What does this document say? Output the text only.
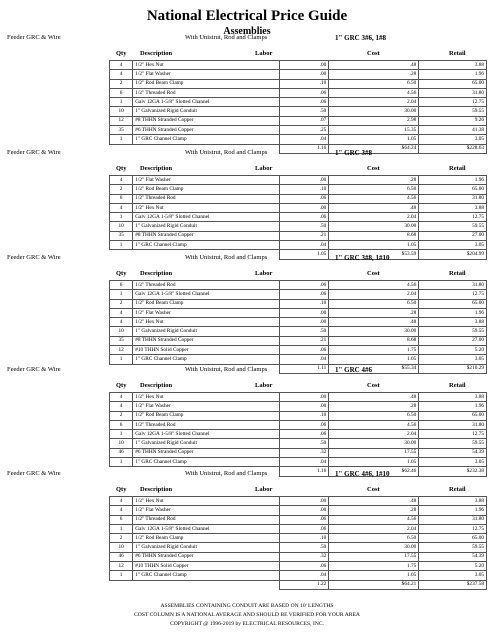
National Electrical Price Guide
Assemblies
Feeder GRC & Wire	With Unistrut, Rod and Clamps	1" GRC 3#6, 1#8
Qty Description	Labor	Cost	Retail
4	1/2" Hex Nut	.00	.48	3.88
4	1/2" Flat Washer	.00	.28	1.96
2	1/2" Rod Beam Clamp	.10	6.50	65.00
6	1/2" Threaded Rod	.06	4.56	31.80
1	Galv 12GA 1-5/8" Slotted Channel	.06	2.04	12.75
10	1" Galvanized Rigid Conduit	.50	30.00	59.55
12	#8 THHN Stranded Copper	.07	2.98	9.26
35	#6 THHN Stranded Copper	.25	15.35	41.38
1	1" GRC Channel Clamp	.04	1.05	3.05
		1.16	$64.24	$228.63
Feeder GRC & Wire	With Unistrut, Rod and Clamps	1" GRC 3#8
Qty Description	Labor	Cost	Retail
4	1/2" Flat Washer	.00	.28	1.96
2	1/2" Rod Beam Clamp	.10	6.50	65.00
6	1/2" Threaded Rod	.06	4.56	31.80
4	1/2" Hex Nut	.00	.48	3.88
1	Galv 12GA 1-5/8" Slotted Channel	.06	2.04	12.75
10	1" Galvanized Rigid Conduit	.50	30.00	59.55
35	#8 THHN Stranded Copper	.21	8.68	27.00
1	1" GRC Channel Clamp	.04	1.05	3.05
		1.05	$53.59	$204.99
Feeder GRC & Wire	With Unistrut, Rod and Clamps	1" GRC 3#8, 1#10
Qty Description	Labor	Cost	Retail
6	1/2" Threaded Rod	.06	4.56	31.80
1	Galv 12GA 1-5/8" Slotted Channel	.06	2.04	12.75
2	1/2" Rod Beam Clamp	.10	6.50	65.00
4	1/2" Flat Washer	.00	.28	1.96
4	1/2" Hex Nut	.00	.48	3.88
10	1" Galvanized Rigid Conduit	.50	30.00	59.55
35	#8 THHN Stranded Copper	.21	8.68	27.00
12	#10 THHN Solid Copper	.06	1.75	5.20
1	1" GRC Channel Clamp	.04	1.05	3.05
		1.11	$55.34	$210.29
Feeder GRC & Wire	With Unistrut, Rod and Clamps	1" GRC 4#6
Qty Description	Labor	Cost	Retail
4	1/2" Hex Nut	.00	.48	3.88
4	1/2" Flat Washer	.00	.28	1.96
2	1/2" Rod Beam Clamp	.10	6.50	65.00
6	1/2" Threaded Rod	.06	4.56	31.80
1	Galv 12GA 1-5/8" Slotted Channel	.06	2.04	12.75
10	1" Galvanized Rigid Conduit	.50	30.00	59.55
46	#6 THHN Stranded Copper	.32	17.55	54.39
1	1" GRC Channel Clamp	.04	1.05	3.05
		1.16	$62.46	$232.38
Feeder GRC & Wire	With Unistrut, Rod and Clamps	1" GRC 4#6, 1#10
Qty Description	Labor	Cost	Retail
4	1/2" Hex Nut	.00	.48	3.88
4	1/2" Flat Washer	.00	.28	1.96
6	1/2" Threaded Rod	.06	4.56	31.80
1	Galv 12GA 1-5/8" Slotted Channel	.06	2.04	12.75
2	1/2" Rod Beam Clamp	.10	6.50	65.00
10	1" Galvanized Rigid Conduit	.50	30.00	59.55
46	#6 THHN Stranded Copper	.32	17.55	54.39
12	#10 THHN Solid Copper	.06	1.75	5.20
1	1" GRC Channel Clamp	.04	1.05	3.05
		1.22	$64.21	$237.58
ASSEMBLIES CONTAINING CONDUIT ARE BASED ON 10' LENGTHS
COST COLUMN IS A NATIONAL AVERAGE AND SHOULD BE VERIFIED FOR YOUR AREA
COPYRIGHT @ 1996-2019 by ELECTRICAL RESOURCES, INC.
